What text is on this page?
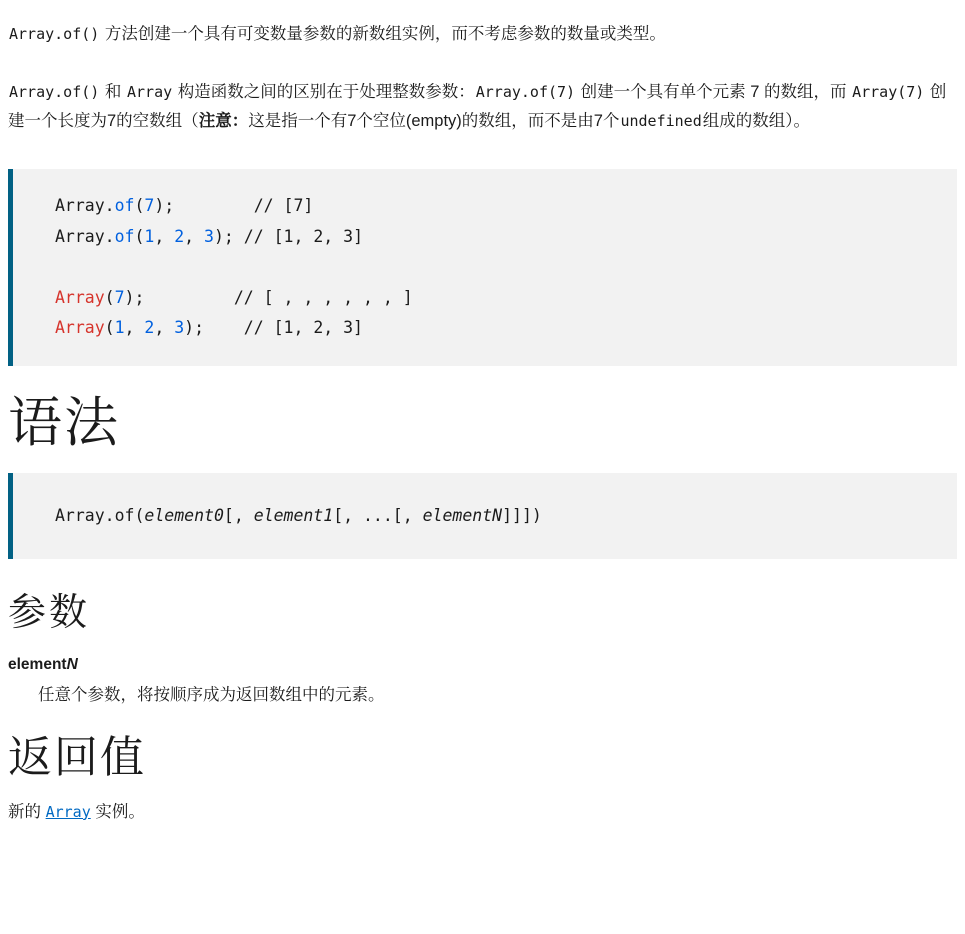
Array.of() 方法创建一个具有可变数量参数的新数组实例，而不考虑参数的数量或类型。

Array.of() 和 Array 构造函数之间的区别在于处理整数参数：Array.of(7) 创建一个具有单个元素 7 的数组，而 Array(7) 创建一个长度为7的空数组（注意：这是指一个有7个空位(empty)的数组，而不是由7个undefined组成的数组）。

Array.of(7);	// [7]
Array.of(1, 2, 3); // [1, 2, 3]

Array(7);	// [ , , , , , , ]
Array(1, 2, 3);    // [1, 2, 3]
语法
Array.of(element0[, element1[, ...[, elementN]]])
参数
elementN
任意个参数，将按顺序成为返回数组中的元素。
返回值
新的 Array 实例。
